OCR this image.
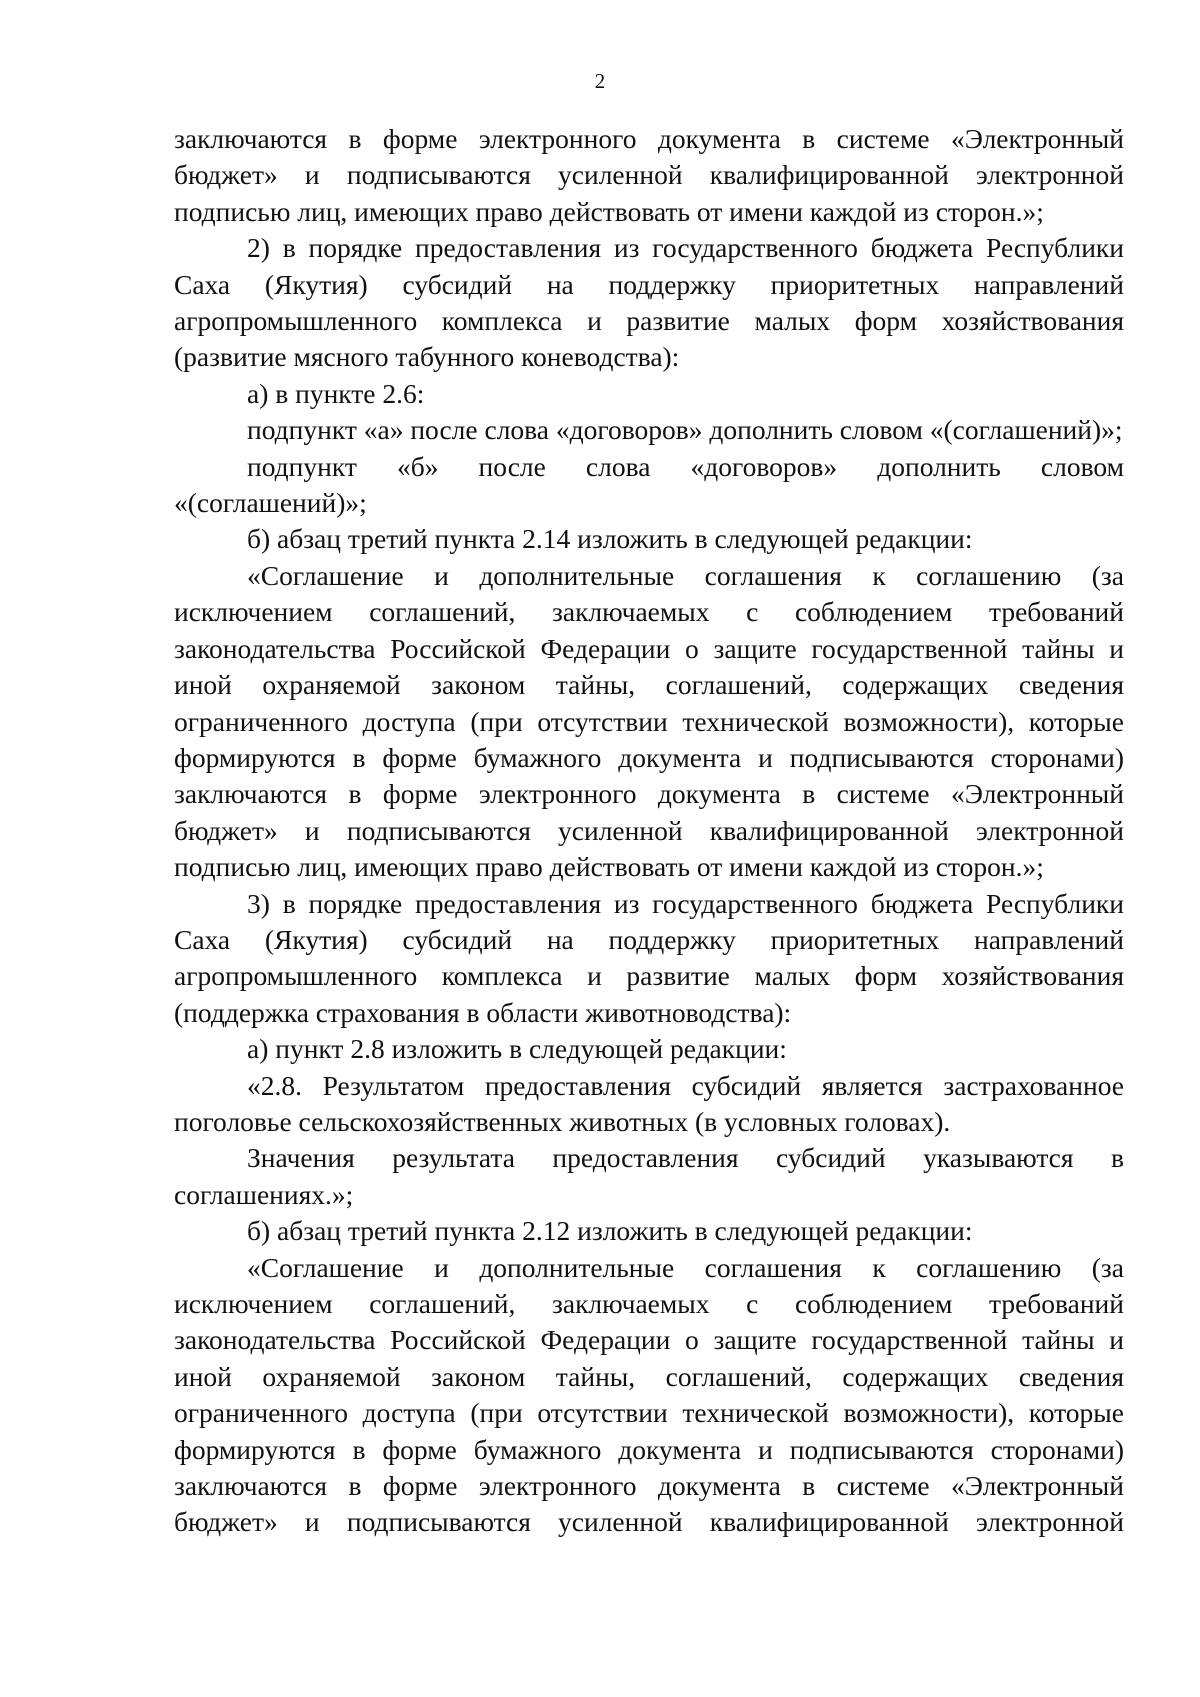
2

заключаются в форме электронного документа в системе «Электронный бюджет» и подписываются усиленной квалифицированной электронной подписью лиц, имеющих право действовать от имени каждой из сторон.»;

2) в порядке предоставления из государственного бюджета Республики Саха (Якутия) субсидий на поддержку приоритетных направлений агропромышленного комплекса и развитие малых форм хозяйствования (развитие мясного табунного коневодства):

а) в пункте 2.6:

подпункт «а» после слова «договоров» дополнить словом «(соглашений)»;

подпункт «б» после слова «договоров» дополнить словом «(соглашений)»;

б) абзац третий пункта 2.14 изложить в следующей редакции:

«Соглашение и дополнительные соглашения к соглашению (за исключением соглашений, заключаемых с соблюдением требований законодательства Российской Федерации о защите государственной тайны и иной охраняемой законом тайны, соглашений, содержащих сведения ограниченного доступа (при отсутствии технической возможности), которые формируются в форме бумажного документа и подписываются сторонами) заключаются в форме электронного документа в системе «Электронный бюджет» и подписываются усиленной квалифицированной электронной подписью лиц, имеющих право действовать от имени каждой из сторон.»;

3) в порядке предоставления из государственного бюджета Республики Саха (Якутия) субсидий на поддержку приоритетных направлений агропромышленного комплекса и развитие малых форм хозяйствования (поддержка страхования в области животноводства):

а) пункт 2.8 изложить в следующей редакции:

«2.8. Результатом предоставления субсидий является застрахованное поголовье сельскохозяйственных животных (в условных головах).

Значения результата предоставления субсидий указываются в соглашениях.»;

б) абзац третий пункта 2.12 изложить в следующей редакции:

«Соглашение и дополнительные соглашения к соглашению (за исключением соглашений, заключаемых с соблюдением требований законодательства Российской Федерации о защите государственной тайны и иной охраняемой законом тайны, соглашений, содержащих сведения ограниченного доступа (при отсутствии технической возможности), которые формируются в форме бумажного документа и подписываются сторонами) заключаются в форме электронного документа в системе «Электронный бюджет» и подписываются усиленной квалифицированной электронной
